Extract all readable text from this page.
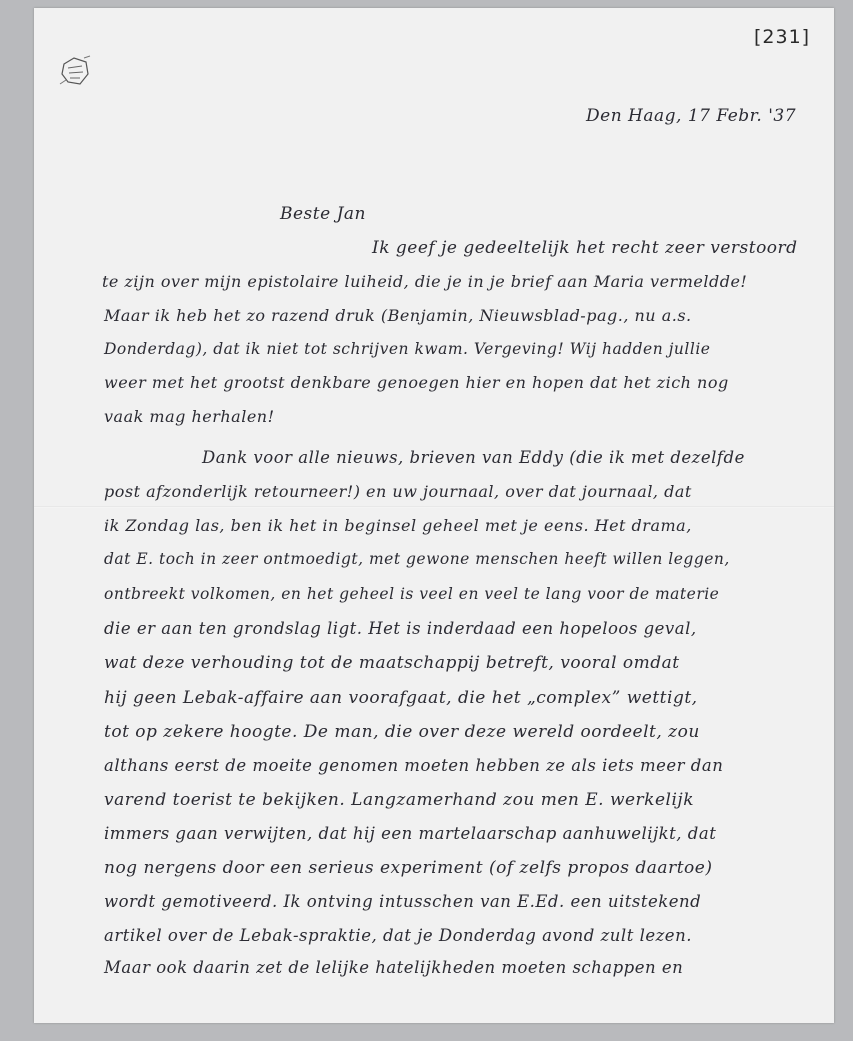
[231]
Den Haag, 17 Febr. '37
Beste Jan
Ik geef je gedeeltelijk het recht zeer verstoord
te zijn over mijn epistolaire luiheid, die je in je brief aan Maria vermeldde!
Maar ik heb het zo razend druk (Benjamin, Nieuwsblad-pag., nu a.s.
Donderdag), dat ik niet tot schrijven kwam. Vergeving! Wij hadden jullie
weer met het grootst denkbare genoegen hier en hopen dat het zich nog
vaak mag herhalen!
Dank voor alle nieuws, brieven van Eddy (die ik met dezelfde
post afzonderlijk retourneer!) en uw journaal, over dat journaal, dat
ik Zondag las, ben ik het in beginsel geheel met je eens. Het drama,
dat E. toch in zeer ontmoedigt, met gewone menschen heeft willen leggen,
ontbreekt volkomen, en het geheel is veel en veel te lang voor de materie
die er aan ten grondslag ligt. Het is inderdaad een hopeloos geval,
wat deze verhouding tot de maatschappij betreft, vooral omdat
hij geen Lebak-affaire aan voorafgaat, die het „complex” wettigt,
tot op zekere hoogte. De man, die over deze wereld oordeelt, zou
althans eerst de moeite genomen moeten hebben ze als iets meer dan
varend toerist te bekijken. Langzamerhand zou men E. werkelijk
immers gaan verwijten, dat hij een martelaarschap aanhuwelijkt, dat
nog nergens door een serieus experiment (of zelfs propos daartoe)
wordt gemotiveerd. Ik ontving intusschen van E.Ed. een uitstekend
artikel over de Lebak-spraktie, dat je Donderdag avond zult lezen.
Maar ook daarin zet de lelijke hatelijkheden moeten schappen en
